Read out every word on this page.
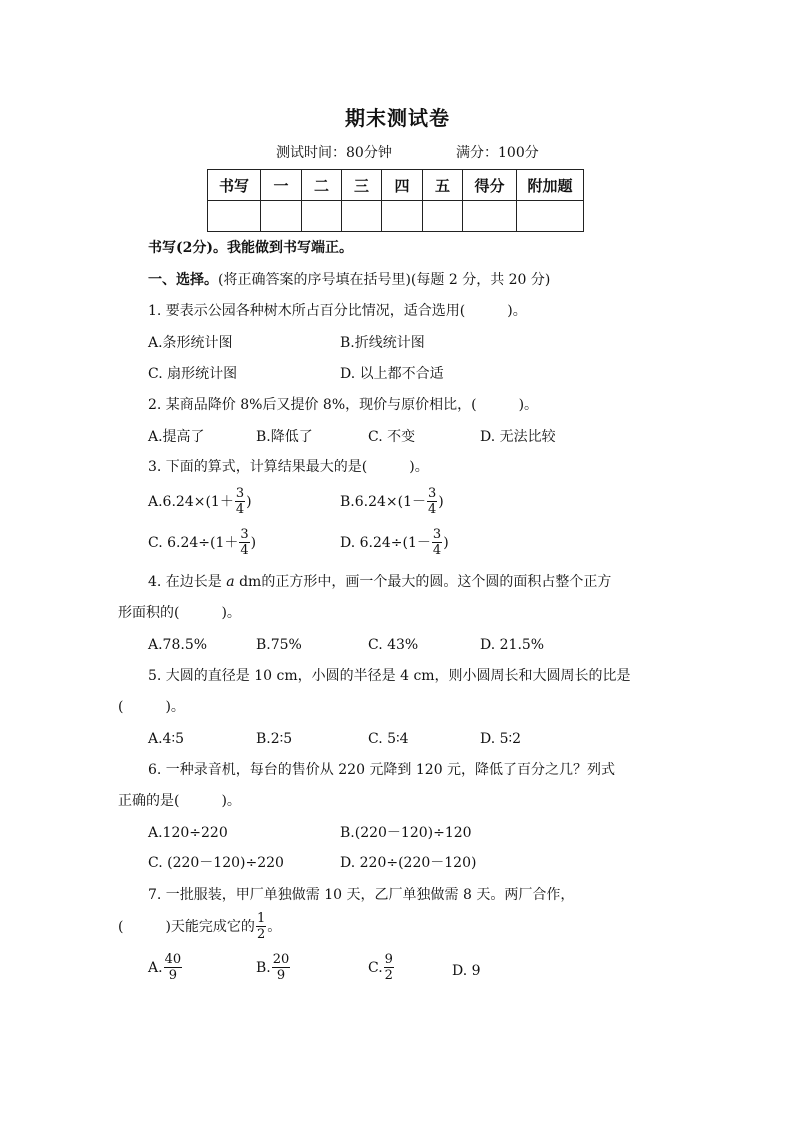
期末测试卷
测试时间：80分钟	满分：100分
书写	一	二	三	四	五	得分	附加题

书写(2分)。我能做到书写端正。
一、选择。(将正确答案的序号填在括号里)(每题 2 分，共 20 分)
1. 要表示公园各种树木所占百分比情况，适合选用(　　　)。
A.条形统计图	B.折线统计图
C. 扇形统计图	D. 以上都不合适
2. 某商品降价 8%后又提价 8%，现价与原价相比，(　　　)。
A.提高了	B.降低了	C. 不变	D. 无法比较
3. 下面的算式，计算结果最大的是(　　　)。
$A.6.24\times(1+ \frac{3}{4}$ )	$B.6.24\times(1- \frac{3}{4}$ )
C. $6.24\div(1+ \frac{3}{4}$ )	D. $6.24\div(1- \frac{3}{4}$ )
4. 在边长是 a dm的正方形中，画一个最大的圆。这个圆的面积占整个正方
形面积的(　　　)。
A.78.5%	B.75%	C. 43%	D. 21.5%
5. 大圆的直径是 10 cm，小圆的半径是 4 cm，则小圆周长和大圆周长的比是
(　　　)。
A.4∶5	B.2∶5	C. 5∶4	D. 5∶2
6. 一种录音机，每台的售价从 220 元降到 120 元，降低了百分之几？列式
正确的是(　　　)。
A.120÷220	B.(220－120)÷120
C. (220－120)÷220	D. 220÷(220－120)
7. 一批服装，甲厂单独做需 10 天，乙厂单独做需 8 天。两厂合作，
(　　　)天能完成它的 $\frac{1}{2}$ 。
A. $\frac{40}{9}$	B. $\frac{20}{9}$	C. $\frac{9}{2}$	D. 9
